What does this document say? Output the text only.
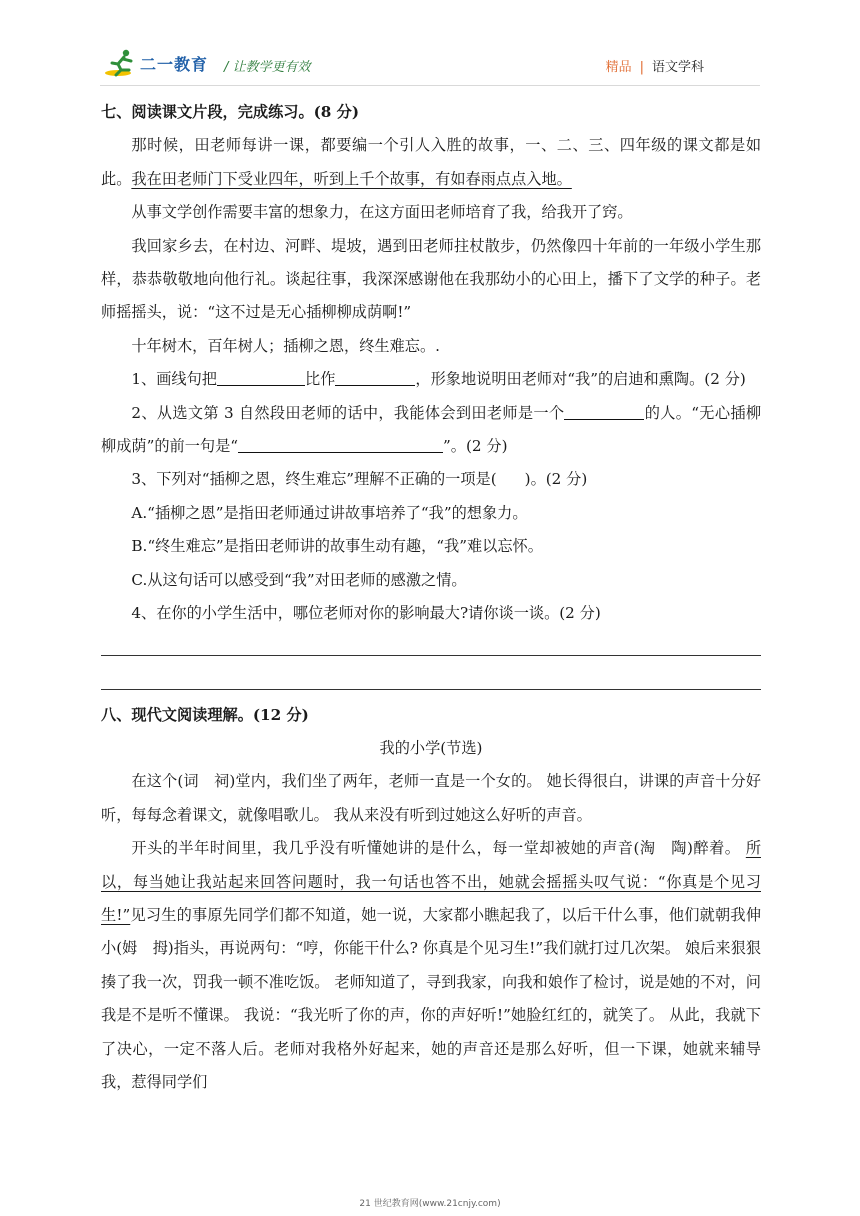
二一教育 / 让教学更有效	精品 | 语文学科

七、阅读课文片段，完成练习。(8 分)

那时候，田老师每讲一课，都要编一个引人入胜的故事，一、二、三、四年级的课文都是如此。我在田老师门下受业四年，听到上千个故事，有如春雨点点入地。

从事文学创作需要丰富的想象力，在这方面田老师培育了我，给我开了窍。

我回家乡去，在村边、河畔、堤坡，遇到田老师拄杖散步，仍然像四十年前的一年级小学生那样，恭恭敬敬地向他行礼。谈起往事，我深深感谢他在我那幼小的心田上，播下了文学的种子。老师摇摇头，说：“这不过是无心插柳柳成荫啊!”

十年树木，百年树人；插柳之恩，终生难忘。.

1、画线句把	比作	，形象地说明田老师对“我”的启迪和熏陶。(2 分)

2、从选文第 3 自然段田老师的话中，我能体会到田老师是一个	的人。“无心插柳柳成荫”的前一句是“	”。(2 分)

3、下列对“插柳之恩，终生难忘”理解不正确的一项是( )。(2 分)

A.“插柳之恩”是指田老师通过讲故事培养了“我”的想象力。

B.“终生难忘”是指田老师讲的故事生动有趣，“我”难以忘怀。

C.从这句话可以感受到“我”对田老师的感激之情。

4、在你的小学生活中，哪位老师对你的影响最大?请你谈一谈。(2 分)

八、现代文阅读理解。(12 分)

我的小学(节选)

在这个(词　祠)堂内，我们坐了两年，老师一直是一个女的。 她长得很白，讲课的声音十分好听，每每念着课文，就像唱歌儿。 我从来没有听到过她这么好听的声音。

开头的半年时间里，我几乎没有听懂她讲的是什么，每一堂却被她的声音(淘　陶)醉着。 所以，每当她让我站起来回答问题时，我一句话也答不出，她就会摇摇头叹气说：“你真是个见习生!”见习生的事原先同学们都不知道，她一说，大家都小瞧起我了，以后干什么事，他们就朝我伸小(姆　拇)指头，再说两句：“哼，你能干什么? 你真是个见习生!”我们就打过几次架。 娘后来狠狠揍了我一次，罚我一顿不准吃饭。 老师知道了，寻到我家，向我和娘作了检讨，说是她的不对，问我是不是听不懂课。 我说：“我光听了你的声，你的声好听!”她脸红红的，就笑了。 从此，我就下了决心，一定不落人后。老师对我格外好起来，她的声音还是那么好听，但一下课，她就来辅导我，惹得同学们

21 世纪教育网(www.21cnjy.com)
